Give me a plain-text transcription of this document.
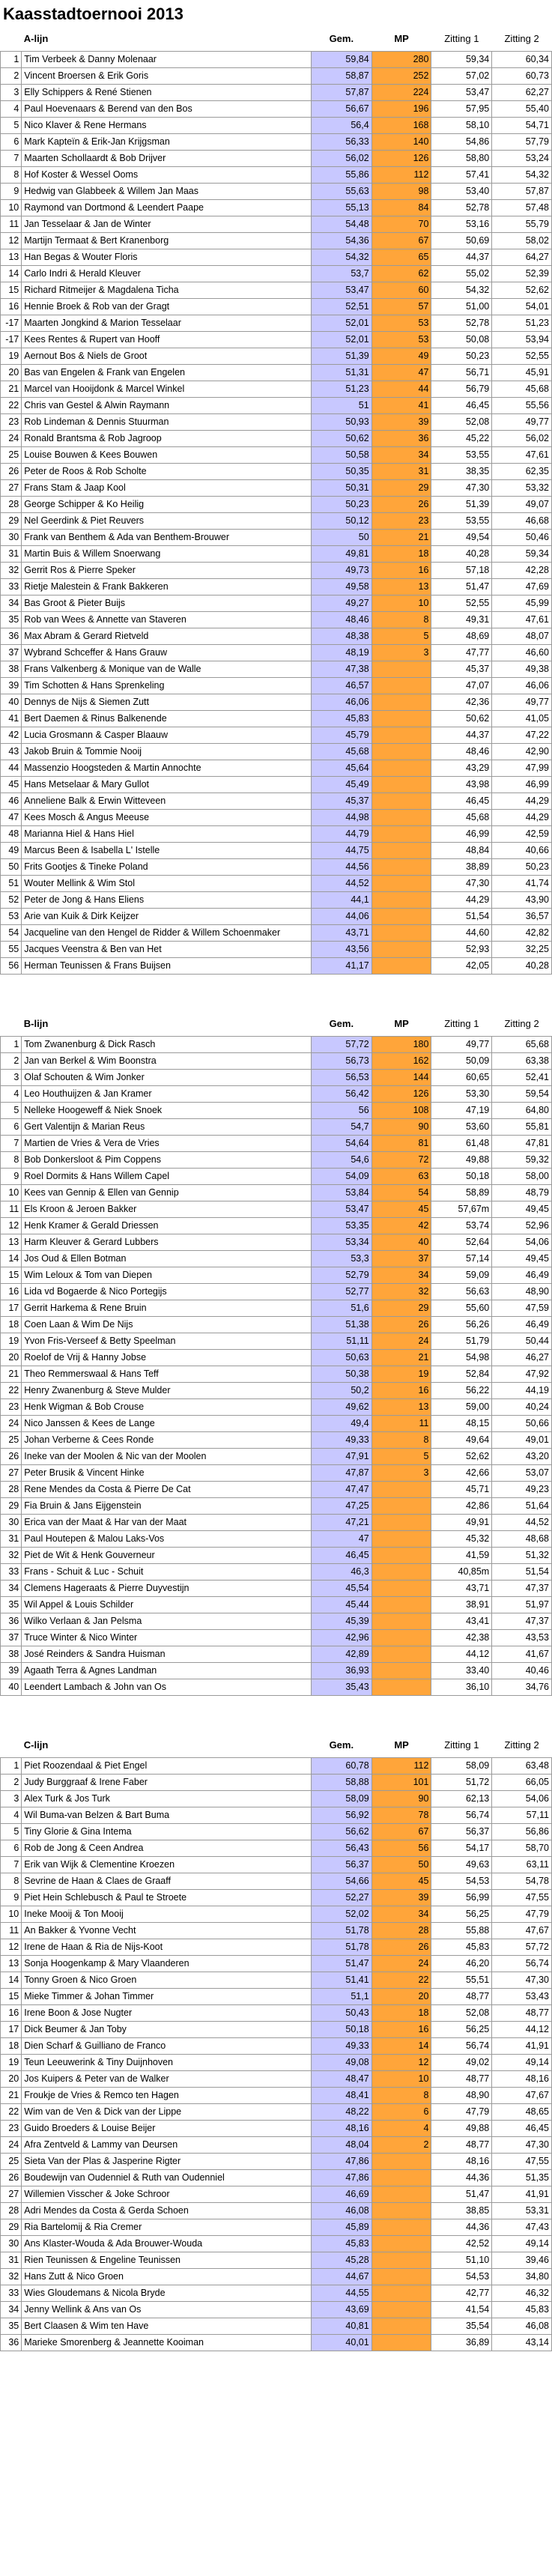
Kaasstadtoernooi 2013
	A-lijn	Gem.	MP	Zitting 1	Zitting 2
1	Tim Verbeek & Danny Molenaar	59,84	280	59,34	60,34
2	Vincent Broersen & Erik Goris	58,87	252	57,02	60,73
3	Elly Schippers & René Stienen	57,87	224	53,47	62,27
4	Paul Hoevenaars & Berend van den Bos	56,67	196	57,95	55,40
5	Nico Klaver & Rene Hermans	56,4	168	58,10	54,71
6	Mark Kapteïn & Erik-Jan Krijgsman	56,33	140	54,86	57,79
7	Maarten Schollaardt & Bob Drijver	56,02	126	58,80	53,24
8	Hof Koster & Wessel Ooms	55,86	112	57,41	54,32
9	Hedwig van Glabbeek & Willem Jan Maas	55,63	98	53,40	57,87
10	Raymond van Dortmond & Leendert Paape	55,13	84	52,78	57,48
11	Jan Tesselaar & Jan de Winter	54,48	70	53,16	55,79
12	Martijn Termaat & Bert Kranenborg	54,36	67	50,69	58,02
13	Han Begas & Wouter Floris	54,32	65	44,37	64,27
14	Carlo Indri & Herald Kleuver	53,7	62	55,02	52,39
15	Richard Ritmeijer & Magdalena Ticha	53,47	60	54,32	52,62
16	Hennie Broek & Rob van der Gragt	52,51	57	51,00	54,01
-17	Maarten Jongkind & Marion Tesselaar	52,01	53	52,78	51,23
-17	Kees Rentes & Rupert van Hooff	52,01	53	50,08	53,94
19	Aernout Bos & Niels de Groot	51,39	49	50,23	52,55
20	Bas van Engelen & Frank van Engelen	51,31	47	56,71	45,91
21	Marcel van Hooijdonk & Marcel Winkel	51,23	44	56,79	45,68
22	Chris van Gestel & Alwin Raymann	51	41	46,45	55,56
23	Rob Lindeman & Dennis Stuurman	50,93	39	52,08	49,77
24	Ronald Brantsma & Rob Jagroop	50,62	36	45,22	56,02
25	Louise Bouwen & Kees Bouwen	50,58	34	53,55	47,61
26	Peter de Roos & Rob Scholte	50,35	31	38,35	62,35
27	Frans Stam & Jaap Kool	50,31	29	47,30	53,32
28	George Schipper & Ko Heilig	50,23	26	51,39	49,07
29	Nel Geerdink & Piet Reuvers	50,12	23	53,55	46,68
30	Frank van Benthem & Ada van Benthem-Brouwer	50	21	49,54	50,46
31	Martin Buis & Willem Snoerwang	49,81	18	40,28	59,34
32	Gerrit Ros & Pierre Speker	49,73	16	57,18	42,28
33	Rietje Malestein & Frank Bakkeren	49,58	13	51,47	47,69
34	Bas Groot & Pieter Buijs	49,27	10	52,55	45,99
35	Rob van Wees & Annette van Staveren	48,46	8	49,31	47,61
36	Max Abram & Gerard Rietveld	48,38	5	48,69	48,07
37	Wybrand Schceffer & Hans Grauw	48,19	3	47,77	46,60
38	Frans Valkenberg & Monique van de Walle	47,38		45,37	49,38
39	Tim Schotten & Hans Sprenkeling	46,57		47,07	46,06
40	Dennys de Nijs & Siemen Zutt	46,06		42,36	49,77
41	Bert Daemen & Rinus Balkenende	45,83		50,62	41,05
42	Lucia Grosmann & Casper Blaauw	45,79		44,37	47,22
43	Jakob Bruin & Tommie Nooij	45,68		48,46	42,90
44	Massenzio Hoogsteden & Martin Annochte	45,64		43,29	47,99
45	Hans Metselaar & Mary Gullot	45,49		43,98	46,99
46	Anneliene Balk & Erwin Witteveen	45,37		46,45	44,29
47	Kees Mosch & Angus Meeuse	44,98		45,68	44,29
48	Marianna Hiel & Hans Hiel	44,79		46,99	42,59
49	Marcus Been & Isabella L' Istelle	44,75		48,84	40,66
50	Frits Gootjes & Tineke Poland	44,56		38,89	50,23
51	Wouter Mellink & Wim Stol	44,52		47,30	41,74
52	Peter de Jong & Hans Eliens	44,1		44,29	43,90
53	Arie van Kuik & Dirk Keijzer	44,06		51,54	36,57
54	Jacqueline van den Hengel de Ridder & Willem Schoenmaker	43,71		44,60	42,82
55	Jacques Veenstra & Ben van Het	43,56		52,93	32,25
56	Herman Teunissen & Frans Buijsen	41,17		42,05	40,28
	B-lijn	Gem.	MP	Zitting 1	Zitting 2
1	Tom Zwanenburg & Dick Rasch	57,72	180	49,77	65,68
2	Jan van Berkel & Wim Boonstra	56,73	162	50,09	63,38
3	Olaf Schouten & Wim Jonker	56,53	144	60,65	52,41
4	Leo Houthuijzen & Jan Kramer	56,42	126	53,30	59,54
5	Nelleke Hoogeweff & Niek Snoek	56	108	47,19	64,80
6	Gert Valentijn & Marian Reus	54,7	90	53,60	55,81
7	Martien de Vries & Vera de Vries	54,64	81	61,48	47,81
8	Bob Donkersloot & Pim Coppens	54,6	72	49,88	59,32
9	Roel Dormits & Hans Willem Capel	54,09	63	50,18	58,00
10	Kees van Gennip & Ellen van Gennip	53,84	54	58,89	48,79
11	Els Kroon & Jeroen Bakker	53,47	45	57,67m	49,45
12	Henk Kramer & Gerald Driessen	53,35	42	53,74	52,96
13	Harm Kleuver & Gerard Lubbers	53,34	40	52,64	54,06
14	Jos Oud & Ellen Botman	53,3	37	57,14	49,45
15	Wim Leloux & Tom van Diepen	52,79	34	59,09	46,49
16	Lida vd Bogaerde & Nico Portegijs	52,77	32	56,63	48,90
17	Gerrit Harkema & Rene Bruin	51,6	29	55,60	47,59
18	Coen Laan & Wim De Nijs	51,38	26	56,26	46,49
19	Yvon Fris-Verseef & Betty Speelman	51,11	24	51,79	50,44
20	Roelof de Vrij & Hanny Jobse	50,63	21	54,98	46,27
21	Theo Remmerswaal & Hans Teff	50,38	19	52,84	47,92
22	Henry Zwanenburg & Steve Mulder	50,2	16	56,22	44,19
23	Henk Wigman & Bob Crouse	49,62	13	59,00	40,24
24	Nico Janssen & Kees de Lange	49,4	11	48,15	50,66
25	Johan Verberne & Cees Ronde	49,33	8	49,64	49,01
26	Ineke van der Moolen & Nic van der Moolen	47,91	5	52,62	43,20
27	Peter Brusik & Vincent Hinke	47,87	3	42,66	53,07
28	Rene Mendes da Costa & Pierre De Cat	47,47		45,71	49,23
29	Fia Bruin & Jans Eijgenstein	47,25		42,86	51,64
30	Erica van der Maat & Har van der Maat	47,21		49,91	44,52
31	Paul Houtepen & Malou Laks-Vos	47		45,32	48,68
32	Piet de Wit & Henk Gouverneur	46,45		41,59	51,32
33	Frans - Schuit & Luc - Schuit	46,3		40,85m	51,54
34	Clemens Hageraats & Pierre Duyvestijn	45,54		43,71	47,37
35	Wil Appel & Louis Schilder	45,44		38,91	51,97
36	Wilko Verlaan & Jan Pelsma	45,39		43,41	47,37
37	Truce Winter & Nico Winter	42,96		42,38	43,53
38	José Reinders & Sandra Huisman	42,89		44,12	41,67
39	Agaath Terra & Agnes Landman	36,93		33,40	40,46
40	Leendert Lambach & John van Os	35,43		36,10	34,76
	C-lijn	Gem.	MP	Zitting 1	Zitting 2
1	Piet Roozendaal & Piet Engel	60,78	112	58,09	63,48
2	Judy Burggraaf & Irene Faber	58,88	101	51,72	66,05
3	Alex Turk & Jos Turk	58,09	90	62,13	54,06
4	Wil Buma-van Belzen & Bart Buma	56,92	78	56,74	57,11
5	Tiny Glorie & Gina Intema	56,62	67	56,37	56,86
6	Rob de Jong & Ceen Andrea	56,43	56	54,17	58,70
7	Erik van Wijk & Clementine Kroezen	56,37	50	49,63	63,11
8	Sevrine de Haan & Claes de Graaff	54,66	45	54,53	54,78
9	Piet Hein Schlebusch & Paul te Stroete	52,27	39	56,99	47,55
10	Ineke Mooij & Ton Mooij	52,02	34	56,25	47,79
11	An Bakker & Yvonne Vecht	51,78	28	55,88	47,67
12	Irene de Haan & Ria de Nijs-Koot	51,78	26	45,83	57,72
13	Sonja Hoogenkamp & Mary Vlaanderen	51,47	24	46,20	56,74
14	Tonny Groen & Nico Groen	51,41	22	55,51	47,30
15	Mieke Timmer & Johan Timmer	51,1	20	48,77	53,43
16	Irene Boon & Jose Nugter	50,43	18	52,08	48,77
17	Dick Beumer & Jan Toby	50,18	16	56,25	44,12
18	Dien Scharf & Guilliano de Franco	49,33	14	56,74	41,91
19	Teun Leeuwerink & Tiny Duijnhoven	49,08	12	49,02	49,14
20	Jos Kuipers & Peter van de Walker	48,47	10	48,77	48,16
21	Froukje de Vries & Remco ten Hagen	48,41	8	48,90	47,67
22	Wim van de Ven & Dick van der Lippe	48,22	6	47,79	48,65
23	Guido Broeders & Louise Beijer	48,16	4	49,88	46,45
24	Afra Zentveld & Lammy van Deursen	48,04	2	48,77	47,30
25	Sieta Van der Plas & Jasperine Rigter	47,86		48,16	47,55
26	Boudewijn van Oudenniel & Ruth van Oudenniel	47,86		44,36	51,35
27	Willemien Visscher & Joke Schroor	46,69		51,47	41,91
28	Adri Mendes da Costa & Gerda Schoen	46,08		38,85	53,31
29	Ria Bartelomij & Ria Cremer	45,89		44,36	47,43
30	Ans Klaster-Wouda & Ada Brouwer-Wouda	45,83		42,52	49,14
31	Rien Teunissen & Engeline Teunissen	45,28		51,10	39,46
32	Hans Zutt & Nico Groen	44,67		54,53	34,80
33	Wies Gloudemans & Nicola Bryde	44,55		42,77	46,32
34	Jenny Wellink & Ans van Os	43,69		41,54	45,83
35	Bert Claasen & Wim ten Have	40,81		35,54	46,08
36	Marieke Smorenberg & Jeannette Kooiman	40,01		36,89	43,14
